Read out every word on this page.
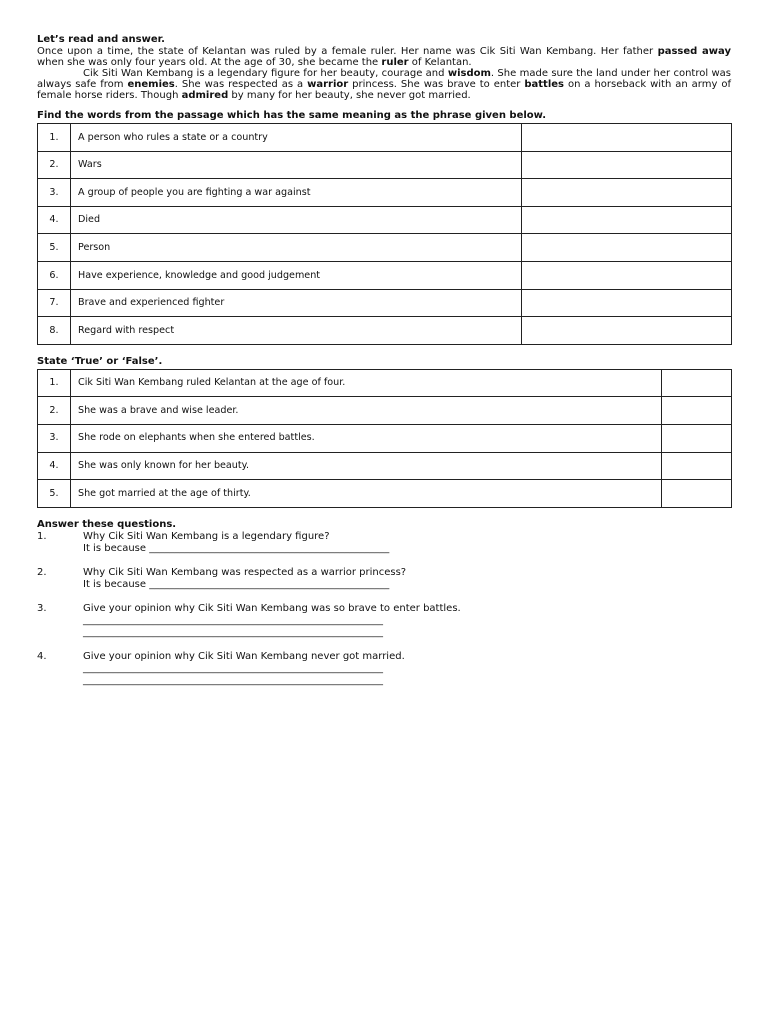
Let’s read and answer.

Once upon a time, the state of Kelantan was ruled by a female ruler. Her name was Cik Siti Wan Kembang. Her father passed away when she was only four years old. At the age of 30, she became the ruler of Kelantan.

Cik Siti Wan Kembang is a legendary figure for her beauty, courage and wisdom. She made sure the land under her control was always safe from enemies. She was respected as a warrior princess. She was brave to enter battles on a horseback with an army of female horse riders. Though admired by many for her beauty, she never got married.

Find the words from the passage which has the same meaning as the phrase given below.

1.	A person who rules a state or a country	
2.	Wars	
3.	A group of people you are fighting a war against	
4.	Died	
5.	Person	
6.	Have experience, knowledge and good judgement	
7.	Brave and experienced fighter	
8.	Regard with respect	

State ‘True’ or ‘False’.

1.	Cik Siti Wan Kembang ruled Kelantan at the age of four.	
2.	She was a brave and wise leader.	
3.	She rode on elephants when she entered battles.	
4.	She was only known for her beauty.	
5.	She got married at the age of thirty.	

Answer these questions.

1.	Why Cik Siti Wan Kembang is a legendary figure?
It is because ________________________________________________
2.	Why Cik Siti Wan Kembang was respected as a warrior princess?
It is because ________________________________________________
3.	Give your opinion why Cik Siti Wan Kembang was so brave to enter battles.
____________________________________________________________
____________________________________________________________
4.	Give your opinion why Cik Siti Wan Kembang never got married.
____________________________________________________________
____________________________________________________________
